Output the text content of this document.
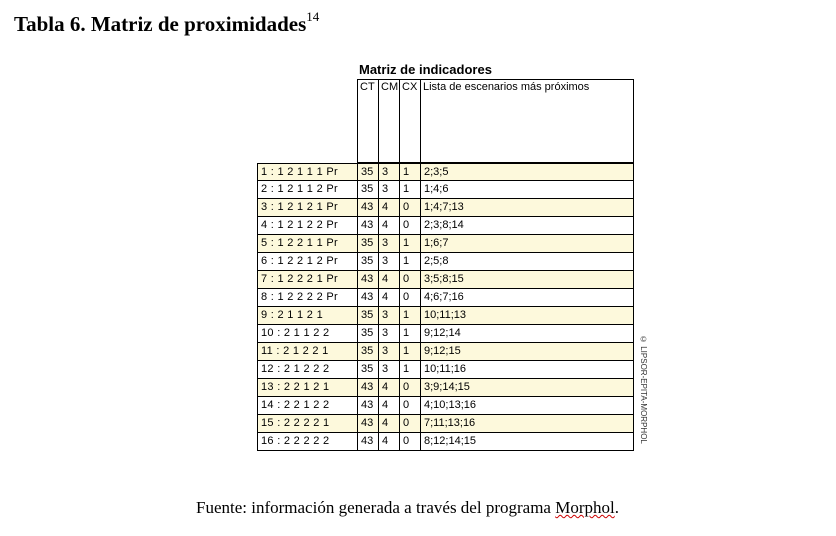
Tabla 6. Matriz de proximidades$^{14}$
Matriz de indicadores
CT CM CX Lista de escenarios más próximos
1 : 1 2 1 1 1 Pr	35 3	1	2;3;5
2 : 1 2 1 1 2 Pr	35 3	1	1;4;6
3 : 1 2 1 2 1 Pr	43 4	0	1;4;7;13
4 : 1 2 1 2 2 Pr	43 4	0	2;3;8;14
5 : 1 2 2 1 1 Pr	35 3	1	1;6;7
6 : 1 2 2 1 2 Pr	35 3	1	2;5;8
7 : 1 2 2 2 1 Pr	43 4	0	3;5;8;15
8 : 1 2 2 2 2 Pr	43 4	0	4;6;7;16
9 : 2 1 1 2 1	35 3	1	10;11;13
10 : 2 1 1 2 2	35 3	1	9;12;14
11 : 2 1 2 2 1	35 3	1	9;12;15
12 : 2 1 2 2 2	35 3	1	10;11;16
13 : 2 2 1 2 1	43 4	0	3;9;14;15
14 : 2 2 1 2 2	43 4	0	4;10;13;16
15 : 2 2 2 2 1	43 4	0	7;11;13;16
16 : 2 2 2 2 2	43 4	0	8;12;14;15	© LIPSOR-EPITA-MORPHOL
Fuente: información generada a través del programa Morphol.
